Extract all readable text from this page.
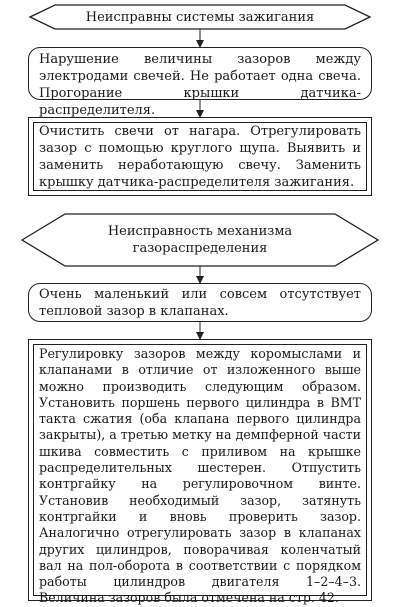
Неисправны системы зажигания
Нарушение величины зазоров между электродами свечей. Не работает одна свеча. Прогорание крышки датчика-распределителя.
Очистить свечи от нагара. Отрегулировать зазор с помощью круглого щупа. Выявить и заменить неработающую свечу. Заменить крышку датчика-распределителя зажигания.
Неисправность механизма
газораспределения
Очень маленький или совсем отсутствует тепловой зазор в клапанах.
Регулировку зазоров между коромыслами и клапанами в отличие от изложенного выше можно производить следующим образом. Установить поршень первого цилиндра в ВМТ такта сжатия (оба клапана первого цилиндра закрыты), а третью метку на демпферной части шкива совместить с приливом на крышке распределительных шестерен. Отпустить контргайку на регулировочном винте. Установив необходимый зазор, затянуть контргайки и вновь проверить зазор. Аналогично отрегулировать зазор в клапанах других цилиндров, поворачивая коленчатый вал на пол-оборота в соответствии с порядком работы цилиндров двигателя 1–2–4–3. Величина зазоров была отмечена на стр. 42.
